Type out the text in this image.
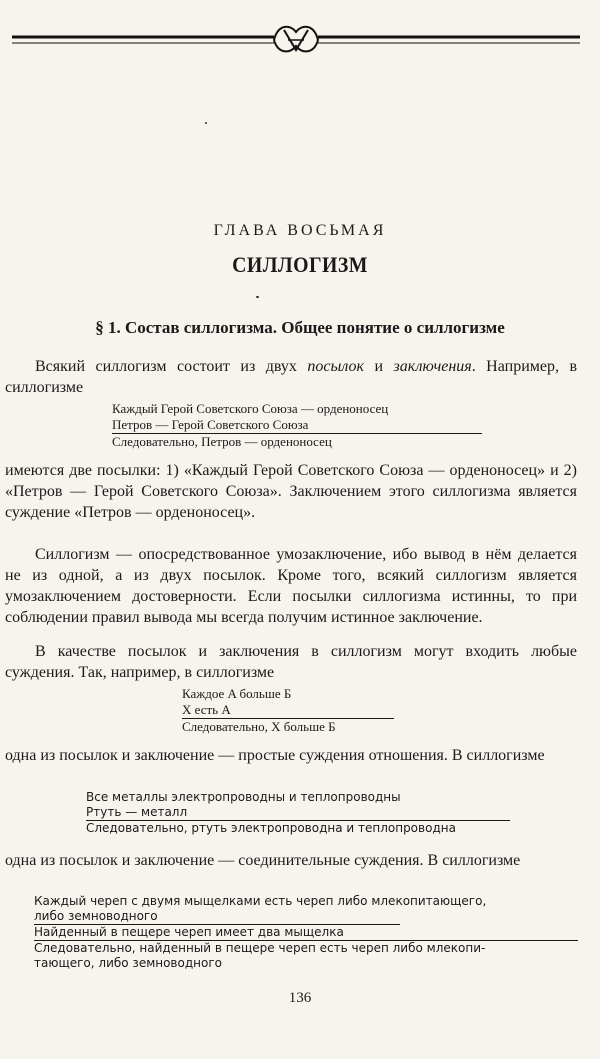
ГЛАВА ВОСЬМАЯ
СИЛЛОГИЗМ
§ 1. Состав силлогизма. Общее понятие о силлогизме
Всякий силлогизм состоит из двух посылок и заключения. Например, в силлогизме
Каждый Герой Советского Союза — орденоносец
Петров — Герой Советского Союза
Следовательно, Петров — орденоносец
имеются две посылки: 1) «Каждый Герой Советского Союза — орденоносец» и 2) «Петров — Герой Советского Союза». Заключением этого силлогизма является суждение «Петров — орденоносец».
Силлогизм — опосредствованное умозаключение, ибо вывод в нём делается не из одной, а из двух посылок. Кроме того, всякий силлогизм является умозаключением достоверности. Если посылки силлогизма истинны, то при соблюдении правил вывода мы всегда получим истинное заключение.
В качестве посылок и заключения в силлогизм могут входить любые суждения. Так, например, в силлогизме
Каждое A больше Б
X есть A
Следовательно, X больше Б
одна из посылок и заключение — простые суждения отношения. В силлогизме
Все металлы электропроводны и теплопроводны
Ртуть — металл
Следовательно, ртуть электропроводна и теплопроводна
одна из посылок и заключение — соединительные суждения. В силлогизме
Каждый череп с двумя мыщелками есть череп либо млекопитающего,
либо земноводного
Найденный в пещере череп имеет два мыщелка
Следовательно, найденный в пещере череп есть череп либо млекопи-
тающего, либо земноводного
136
